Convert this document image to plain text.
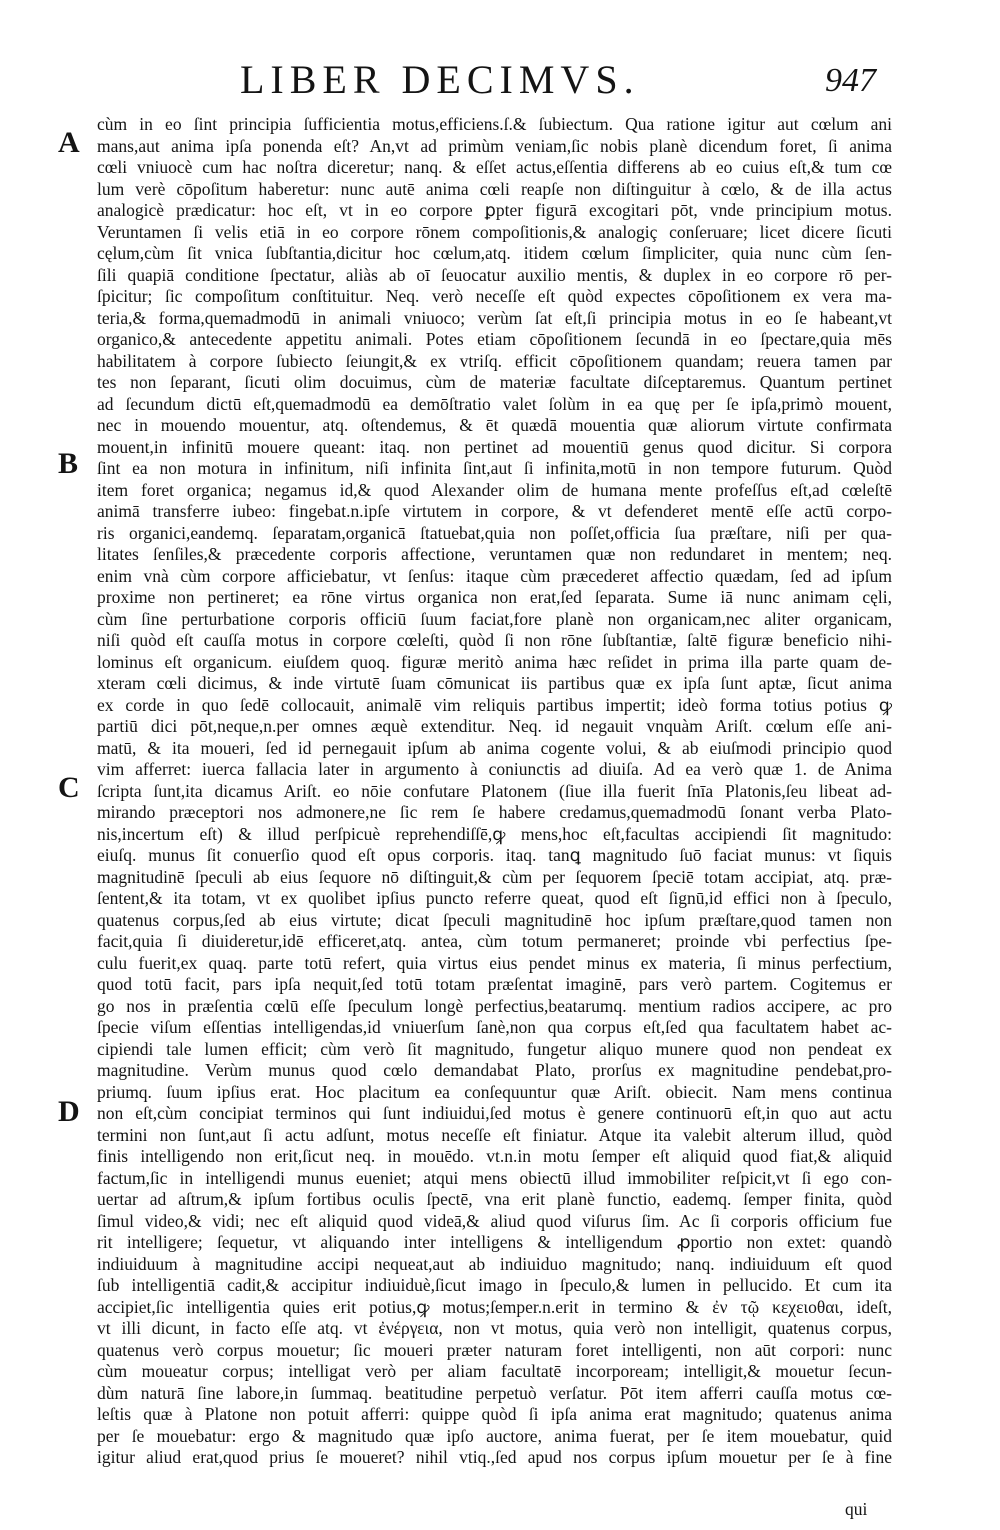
LIBER DECIMVS.	947
A
B
C
D
cùm in eo ſint principia ſufficientia motus,efficiens.ſ.& ſubiectum. Qua ratione igitur aut cœlum ani
mans,aut anima ipſa ponenda eſt? An,vt ad primùm veniam,ſic nobis planè dicendum foret, ſi anima
cœli vniuocè cum hac noſtra diceretur; nanq. & eſſet actus,eſſentia differens ab eo cuius eſt,& tum cœ
lum verè cōpoſitum haberetur: nunc autē anima cœli reapſe non diſtinguitur à cœlo, & de illa actus
analogicè prædicatur: hoc eſt, vt in eo corpore ꝑpter figurā excogitari pōt, vnde principium motus.
Veruntamen ſi velis etiā in eo corpore rōnem compoſitionis,& analogiç conſeruare; licet dicere ſicuti
cęlum,cùm ſit vnica ſubſtantia,dicitur hoc cœlum,atq. itidem cœlum ſimpliciter, quia nunc cùm ſen-
ſili quapiā conditione ſpectatur, aliàs ab oī ſeuocatur auxilio mentis, & duplex in eo corpore rō per-
ſpicitur; ſic compoſitum conſtituitur. Neq. verò neceſſe eſt quòd expectes cōpoſitionem ex vera ma-
teria,& forma,quemadmodū in animali vniuoco; verùm ſat eſt,ſi principia motus in eo ſe habeant,vt
organico,& antecedente appetitu animali. Potes etiam cōpoſitionem ſecundā in eo ſpectare,quia mēs
habilitatem à corpore ſubiecto ſeiungit,& ex vtriſq. efficit cōpoſitionem quandam; reuera tamen par
tes non ſeparant, ſicuti olim docuimus, cùm de materiæ facultate diſceptaremus. Quantum pertinet
ad ſecundum dictū eſt,quemadmodū ea demōſtratio valet ſolùm in ea quę per ſe ipſa,primò mouent,
nec in mouendo mouentur, atq. oſtendemus, & ēt quædā mouentia quæ aliorum virtute confirmata
mouent,in infinitū mouere queant: itaq. non pertinet ad mouentiū genus quod dicitur. Si corpora
ſint ea non motura in infinitum, niſi infinita ſint,aut ſi infinita,motū in non tempore futurum. Quòd
item foret organica; negamus id,& quod Alexander olim de humana mente profeſſus eſt,ad cœleſtē
animā transferre iubeo: fingebat.n.ipſe virtutem in corpore, & vt defenderet mentē eſſe actū corpo-
ris organici,eandemq. ſeparatam,organicā ſtatuebat,quia non poſſet,officia ſua præſtare, niſi per qua-
litates ſenſiles,& præcedente corporis affectione, veruntamen quæ non redundaret in mentem; neq.
enim vnà cùm corpore afficiebatur, vt ſenſus: itaque cùm præcederet affectio quædam, ſed ad ipſum
proxime non pertineret; ea rōne virtus organica non erat,ſed ſeparata. Sume iā nunc animam cęli,
cùm ſine perturbatione corporis officiū ſuum faciat,fore planè non organicam,nec aliter organicam,
niſi quòd eſt cauſſa motus in corpore cœleſti, quòd ſi non rōne ſubſtantiæ, ſaltē figuræ beneficio nihi-
lominus eſt organicum. eiuſdem quoq. figuræ meritò anima hæc reſidet in prima illa parte quam de-
xteram cœli dicimus, & inde virtutē ſuam cōmunicat iis partibus quæ ex ipſa ſunt aptæ, ſicut anima
ex corde in quo ſedē collocauit, animalē vim reliquis partibus impertit; ideò forma totius potius ꝙ
partiū dici pōt,neque,n.per omnes æquè extenditur. Neq. id negauit vnquàm Ariſt. cœlum eſſe ani-
matū, & ita moueri, ſed id pernegauit ipſum ab anima cogente volui, & ab eiuſmodi principio quod
vim afferret: iuerca fallacia later in argumento à coniunctis ad diuiſa. Ad ea verò quæ 1. de Anima
ſcripta ſunt,ita dicamus Ariſt. eo nōie confutare Platonem (ſiue illa fuerit ſnīa Platonis,ſeu libeat ad-
mirando præceptori nos admonere,ne ſic rem ſe habere credamus,quemadmodū ſonant verba Plato-
nis,incertum eſt) & illud perſpicuè reprehendiſſē,ꝙ mens,hoc eſt,facultas accipiendi ſit magnitudo:
eiuſq. munus ſit conuerſio quod eſt opus corporis. itaq. tanꝗ magnitudo ſuō faciat munus: vt ſiquis
magnitudinē ſpeculi ab eius ſequore nō diſtinguit,& cùm per ſequorem ſpeciē totam accipiat, atq. præ-
ſentent,& ita totam, vt ex quolibet ipſius puncto referre queat, quod eſt ſignū,id effici non à ſpeculo,
quatenus corpus,ſed ab eius virtute; dicat ſpeculi magnitudinē hoc ipſum præſtare,quod tamen non
facit,quia ſi diuideretur,idē efficeret,atq. antea, cùm totum permaneret; proinde vbi perfectius ſpe-
culu fuerit,ex quaq. parte totū refert, quia virtus eius pendet minus ex materia, ſi minus perfectium,
quod totū facit, pars ipſa nequit,ſed totū totam præſentat imaginē, pars verò partem. Cogitemus er
go nos in præſentia cœlū eſſe ſpeculum longè perfectius,beatarumq. mentium radios accipere, ac pro
ſpecie viſum eſſentias intelligendas,id vniuerſum ſanè,non qua corpus eſt,ſed qua facultatem habet ac-
cipiendi tale lumen efficit; cùm verò ſit magnitudo, fungetur aliquo munere quod non pendeat ex
magnitudine. Verùm munus quod cœlo demandabat Plato, prorſus ex magnitudine pendebat,pro-
priumq. ſuum ipſius erat. Hoc placitum ea conſequuntur quæ Ariſt. obiecit. Nam mens continua
non eſt,cùm concipiat terminos qui ſunt indiuidui,ſed motus è genere continuorū eſt,in quo aut actu
termini non ſunt,aut ſi actu adſunt, motus neceſſe eſt finiatur. Atque ita valebit alterum illud, quòd
finis intelligendo non erit,ſicut neq. in mouēdo. vt.n.in motu ſemper eſt aliquid quod fiat,& aliquid
factum,ſic in intelligendi munus eueniet; atqui mens obiectū illud immobiliter reſpicit,vt ſi ego con-
uertar ad aſtrum,& ipſum fortibus oculis ſpectē, vna erit planè functio, eademq. ſemper finita, quòd
ſimul video,& vidi; nec eſt aliquid quod videā,& aliud quod viſurus ſim. Ac ſi corporis officium fue
rit intelligere; ſequetur, vt aliquando inter intelligens & intelligendum ꝓportio non extet: quandò
indiuiduum à magnitudine accipi nequeat,aut ab indiuiduo magnitudo; nanq. indiuiduum eſt quod
ſub intelligentiā cadit,& accipitur indiuiduè,ſicut imago in ſpeculo,& lumen in pellucido. Et cum ita
accipiet,ſic intelligentia quies erit potius,ꝙ motus;ſemper.n.erit in termino & ἐν τῷ κεχειοθαι, ideſt,
vt illi dicunt, in facto eſſe atq. vt ἐνέργεια, non vt motus, quia verò non intelligit, quatenus corpus,
quatenus verò corpus mouetur; ſic moueri præter naturam foret intelligenti, non aūt corpori: nunc
cùm moueatur corpus; intelligat verò per aliam facultatē incorpoream; intelligit,& mouetur ſecun-
dùm naturā ſine labore,in ſummaq. beatitudine perpetuò verſatur. Pōt item afferri cauſſa motus cœ-
leſtis quæ à Platone non potuit afferri: quippe quòd ſi ipſa anima erat magnitudo; quatenus anima
per ſe mouebatur: ergo & magnitudo quæ ipſo auctore, anima fuerat, per ſe item mouebatur, quid
igitur aliud erat,quod prius ſe moueret? nihil vtiq.,ſed apud nos corpus ipſum mouetur per ſe à fine
qui
